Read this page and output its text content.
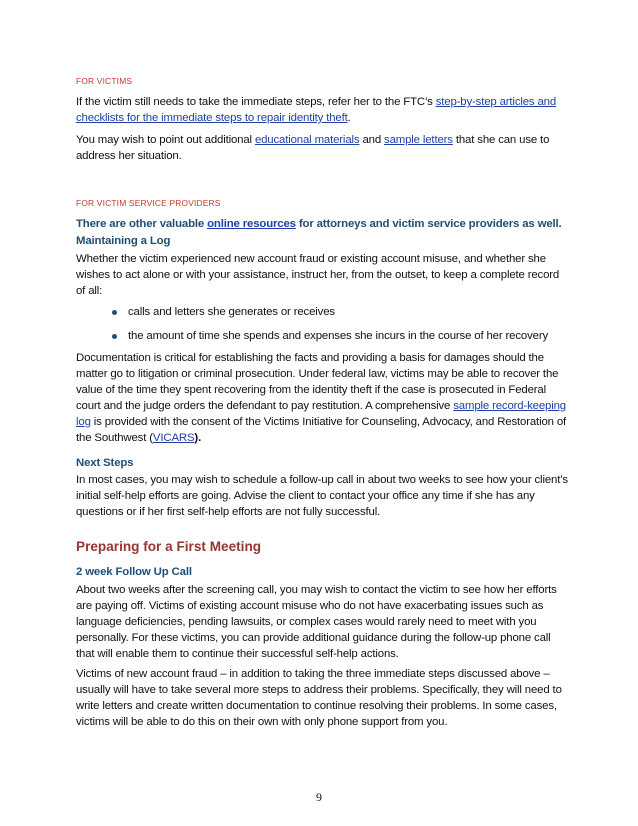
FOR VICTIMS

If the victim still needs to take the immediate steps, refer her to the FTC’s step-by-step articles and checklists for the immediate steps to repair identity theft.

You may wish to point out additional educational materials and sample letters that she can use to address her situation.

FOR VICTIM SERVICE PROVIDERS

There are other valuable online resources for attorneys and victim service providers as well.

Maintaining a Log

Whether the victim experienced new account fraud or existing account misuse, and whether she wishes to act alone or with your assistance, instruct her, from the outset, to keep a complete record of all:

calls and letters she generates or receives
the amount of time she spends and expenses she incurs in the course of her recovery

Documentation is critical for establishing the facts and providing a basis for damages should the matter go to litigation or criminal prosecution. Under federal law, victims may be able to recover the value of the time they spent recovering from the identity theft if the case is prosecuted in Federal court and the judge orders the defendant to pay restitution. A comprehensive sample record-keeping log is provided with the consent of the Victims Initiative for Counseling, Advocacy, and Restoration of the Southwest (VICARS).

Next Steps

In most cases, you may wish to schedule a follow-up call in about two weeks to see how your client’s initial self-help efforts are going. Advise the client to contact your office any time if she has any questions or if her first self-help efforts are not fully successful.

Preparing for a First Meeting

2 week Follow Up Call

About two weeks after the screening call, you may wish to contact the victim to see how her efforts are paying off. Victims of existing account misuse who do not have exacerbating issues such as language deficiencies, pending lawsuits, or complex cases would rarely need to meet with you personally. For these victims, you can provide additional guidance during the follow-up phone call that will enable them to continue their successful self-help actions.

Victims of new account fraud – in addition to taking the three immediate steps discussed above – usually will have to take several more steps to address their problems. Specifically, they will need to write letters and create written documentation to continue resolving their problems. In some cases, victims will be able to do this on their own with only phone support from you.

9
